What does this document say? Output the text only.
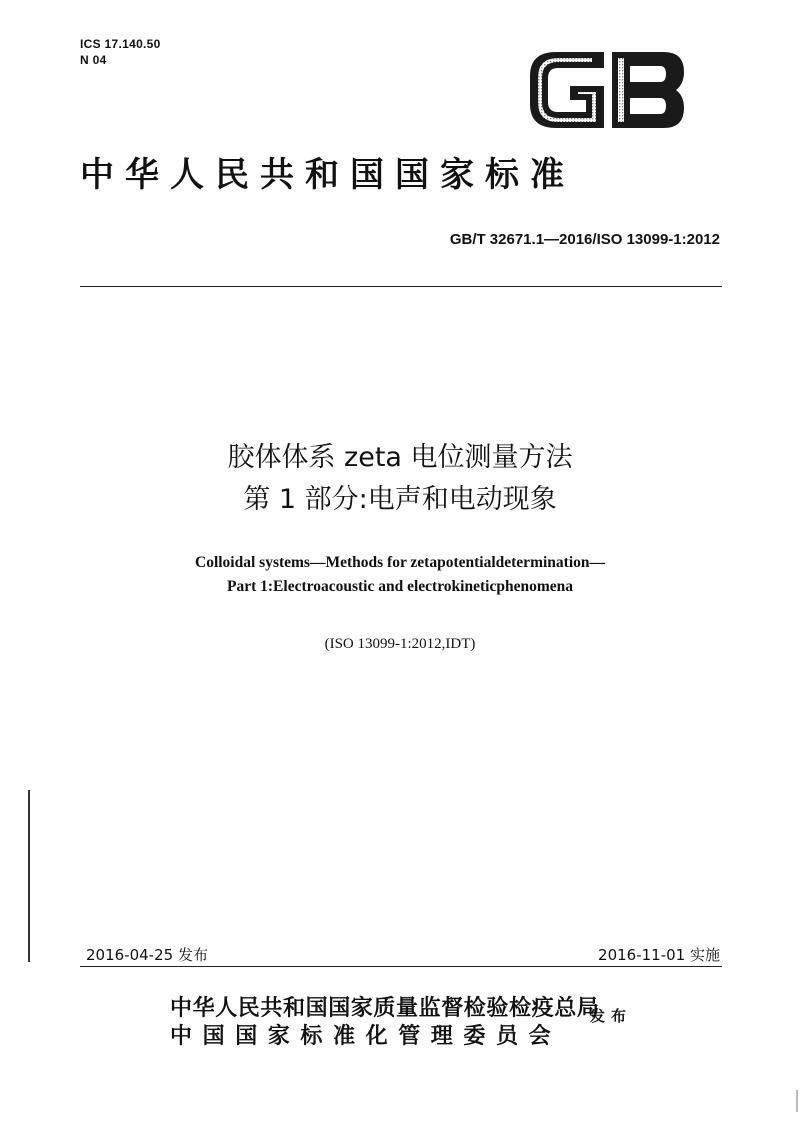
ICS 17.140.50
N 04
中华人民共和国国家标准
GB/T 32671.1—2016/ISO 13099-1:2012
胶体体系 zeta 电位测量方法
第 1 部分:电声和电动现象
Colloidal systems—Methods for zetapotentialdetermination—
Part 1:Electroacoustic and electrokineticphenomena
(ISO 13099-1:2012,IDT)
2016-04-25 发布	2016-11-01 实施
中华人民共和国国家质量监督检验检疫总局
中国国家标准化管理委员会
发布
